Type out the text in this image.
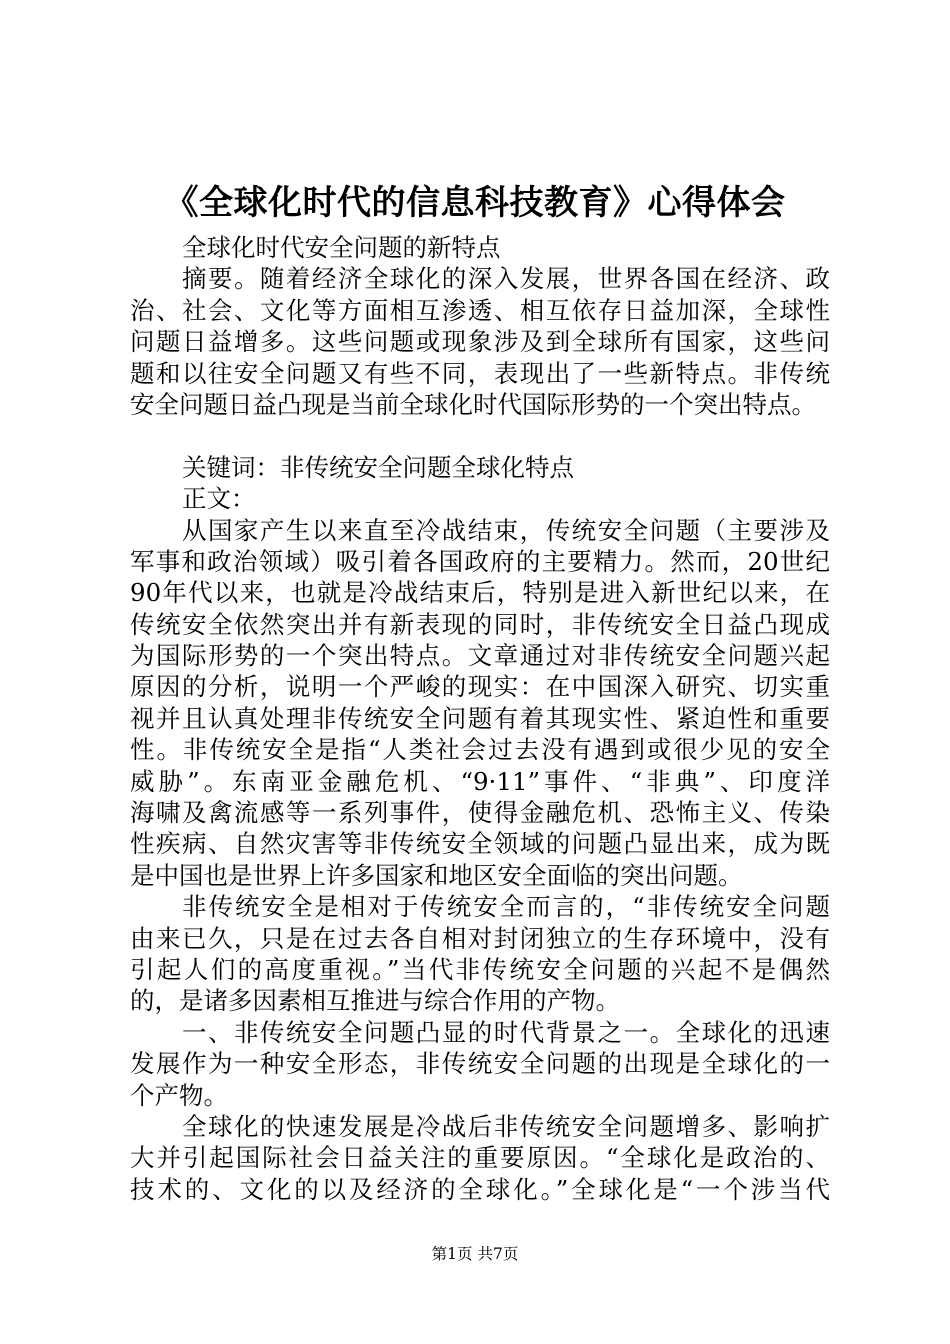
《全球化时代的信息科技教育》心得体会
全球化时代安全问题的新特点
摘要。随着经济全球化的深入发展，世界各国在经济、政
治、社会、文化等方面相互渗透、相互依存日益加深，全球性
问题日益增多。这些问题或现象涉及到全球所有国家，这些问
题和以往安全问题又有些不同，表现出了一些新特点。非传统
安全问题日益凸现是当前全球化时代国际形势的一个突出特点。
关键词：非传统安全问题全球化特点
正文：
从国家产生以来直至冷战结束，传统安全问题（主要涉及
军事和政治领域）吸引着各国政府的主要精力。然而，20世纪
90年代以来，也就是冷战结束后，特别是进入新世纪以来，在
传统安全依然突出并有新表现的同时，非传统安全日益凸现成
为国际形势的一个突出特点。文章通过对非传统安全问题兴起
原因的分析，说明一个严峻的现实：在中国深入研究、切实重
视并且认真处理非传统安全问题有着其现实性、紧迫性和重要
性。非传统安全是指“人类社会过去没有遇到或很少见的安全
威胁”。东南亚金融危机、“9·11”事件、“非典”、印度洋
海啸及禽流感等一系列事件，使得金融危机、恐怖主义、传染
性疾病、自然灾害等非传统安全领域的问题凸显出来，成为既
是中国也是世界上许多国家和地区安全面临的突出问题。
非传统安全是相对于传统安全而言的，“非传统安全问题
由来已久，只是在过去各自相对封闭独立的生存环境中，没有
引起人们的高度重视。”当代非传统安全问题的兴起不是偶然
的，是诸多因素相互推进与综合作用的产物。
一、非传统安全问题凸显的时代背景之一。全球化的迅速
发展作为一种安全形态，非传统安全问题的出现是全球化的一
个产物。
全球化的快速发展是冷战后非传统安全问题增多、影响扩
大并引起国际社会日益关注的重要原因。“全球化是政治的、
技术的、文化的以及经济的全球化。”全球化是“一个涉当代
第1页 共7页
